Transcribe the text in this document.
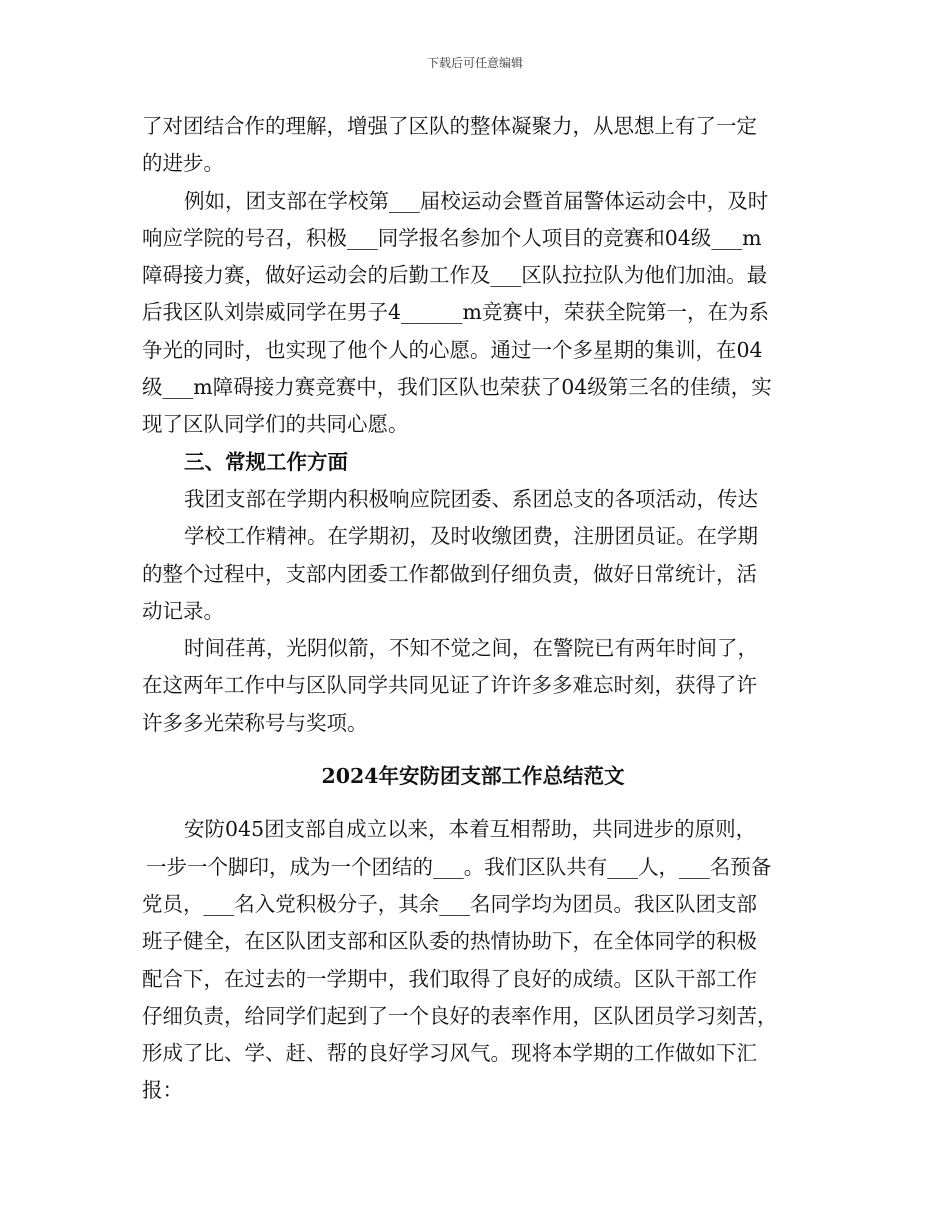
下载后可任意编辑

了对团结合作的理解，增强了区队的整体凝聚力，从思想上有了一定

的进步。

例如，团支部在学校第___届校运动会暨首届警体运动会中，及时

响应学院的号召，积极___同学报名参加个人项目的竞赛和04级___m

障碍接力赛，做好运动会的后勤工作及___区队拉拉队为他们加油。最

后我区队刘崇威同学在男子4______m竞赛中，荣获全院第一，在为系

争光的同时，也实现了他个人的心愿。通过一个多星期的集训，在04

级___m障碍接力赛竞赛中，我们区队也荣获了04级第三名的佳绩，实

现了区队同学们的共同心愿。

三、常规工作方面

我团支部在学期内积极响应院团委、系团总支的各项活动，传达

学校工作精神。在学期初，及时收缴团费，注册团员证。在学期

的整个过程中，支部内团委工作都做到仔细负责，做好日常统计，活

动记录。

时间荏苒，光阴似箭，不知不觉之间，在警院已有两年时间了，

在这两年工作中与区队同学共同见证了许许多多难忘时刻，获得了许

许多多光荣称号与奖项。

2024年安防团支部工作总结范文

安防045团支部自成立以来，本着互相帮助，共同进步的原则，

一步一个脚印，成为一个团结的___。我们区队共有___人，___名预备

党员，___名入党积极分子，其余___名同学均为团员。我区队团支部

班子健全，在区队团支部和区队委的热情协助下，在全体同学的积极

配合下，在过去的一学期中，我们取得了良好的成绩。区队干部工作

仔细负责，给同学们起到了一个良好的表率作用，区队团员学习刻苦，

形成了比、学、赶、帮的良好学习风气。现将本学期的工作做如下汇

报：
